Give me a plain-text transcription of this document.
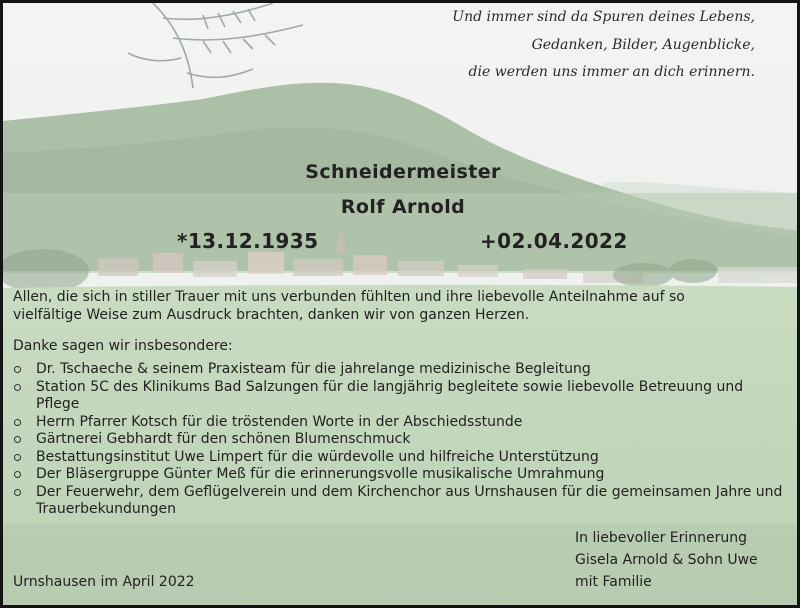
Und immer sind da Spuren deines Lebens,

Gedanken, Bilder, Augenblicke,

die werden uns immer an dich erinnern.

Schneidermeister

Rolf Arnold

*13.12.1935	+02.04.2022

Allen, die sich in stiller Trauer mit uns verbunden fühlten und ihre liebevolle Anteilnahme auf so

vielfältige Weise zum Ausdruck brachten, danken wir von ganzen Herzen.

Danke sagen wir insbesondere:

Dr. Tschaeche & seinem Praxisteam für die jahrelange medizinische Begleitung
Station 5C des Klinikums Bad Salzungen für die langjährig begleitete sowie liebevolle Betreuung und Pflege
Herrn Pfarrer Kotsch für die tröstenden Worte in der Abschiedsstunde
Gärtnerei Gebhardt für den schönen Blumenschmuck
Bestattungsinstitut Uwe Limpert für die würdevolle und hilfreiche Unterstützung
Der Bläsergruppe Günter Meß für die erinnerungsvolle musikalische Umrahmung
Der Feuerwehr, dem Geflügelverein und dem Kirchenchor aus Urnshausen für die gemeinsamen Jahre und Trauerbekundungen

In liebevoller Erinnerung

Gisela Arnold & Sohn Uwe

mit Familie

Urnshausen im April 2022
